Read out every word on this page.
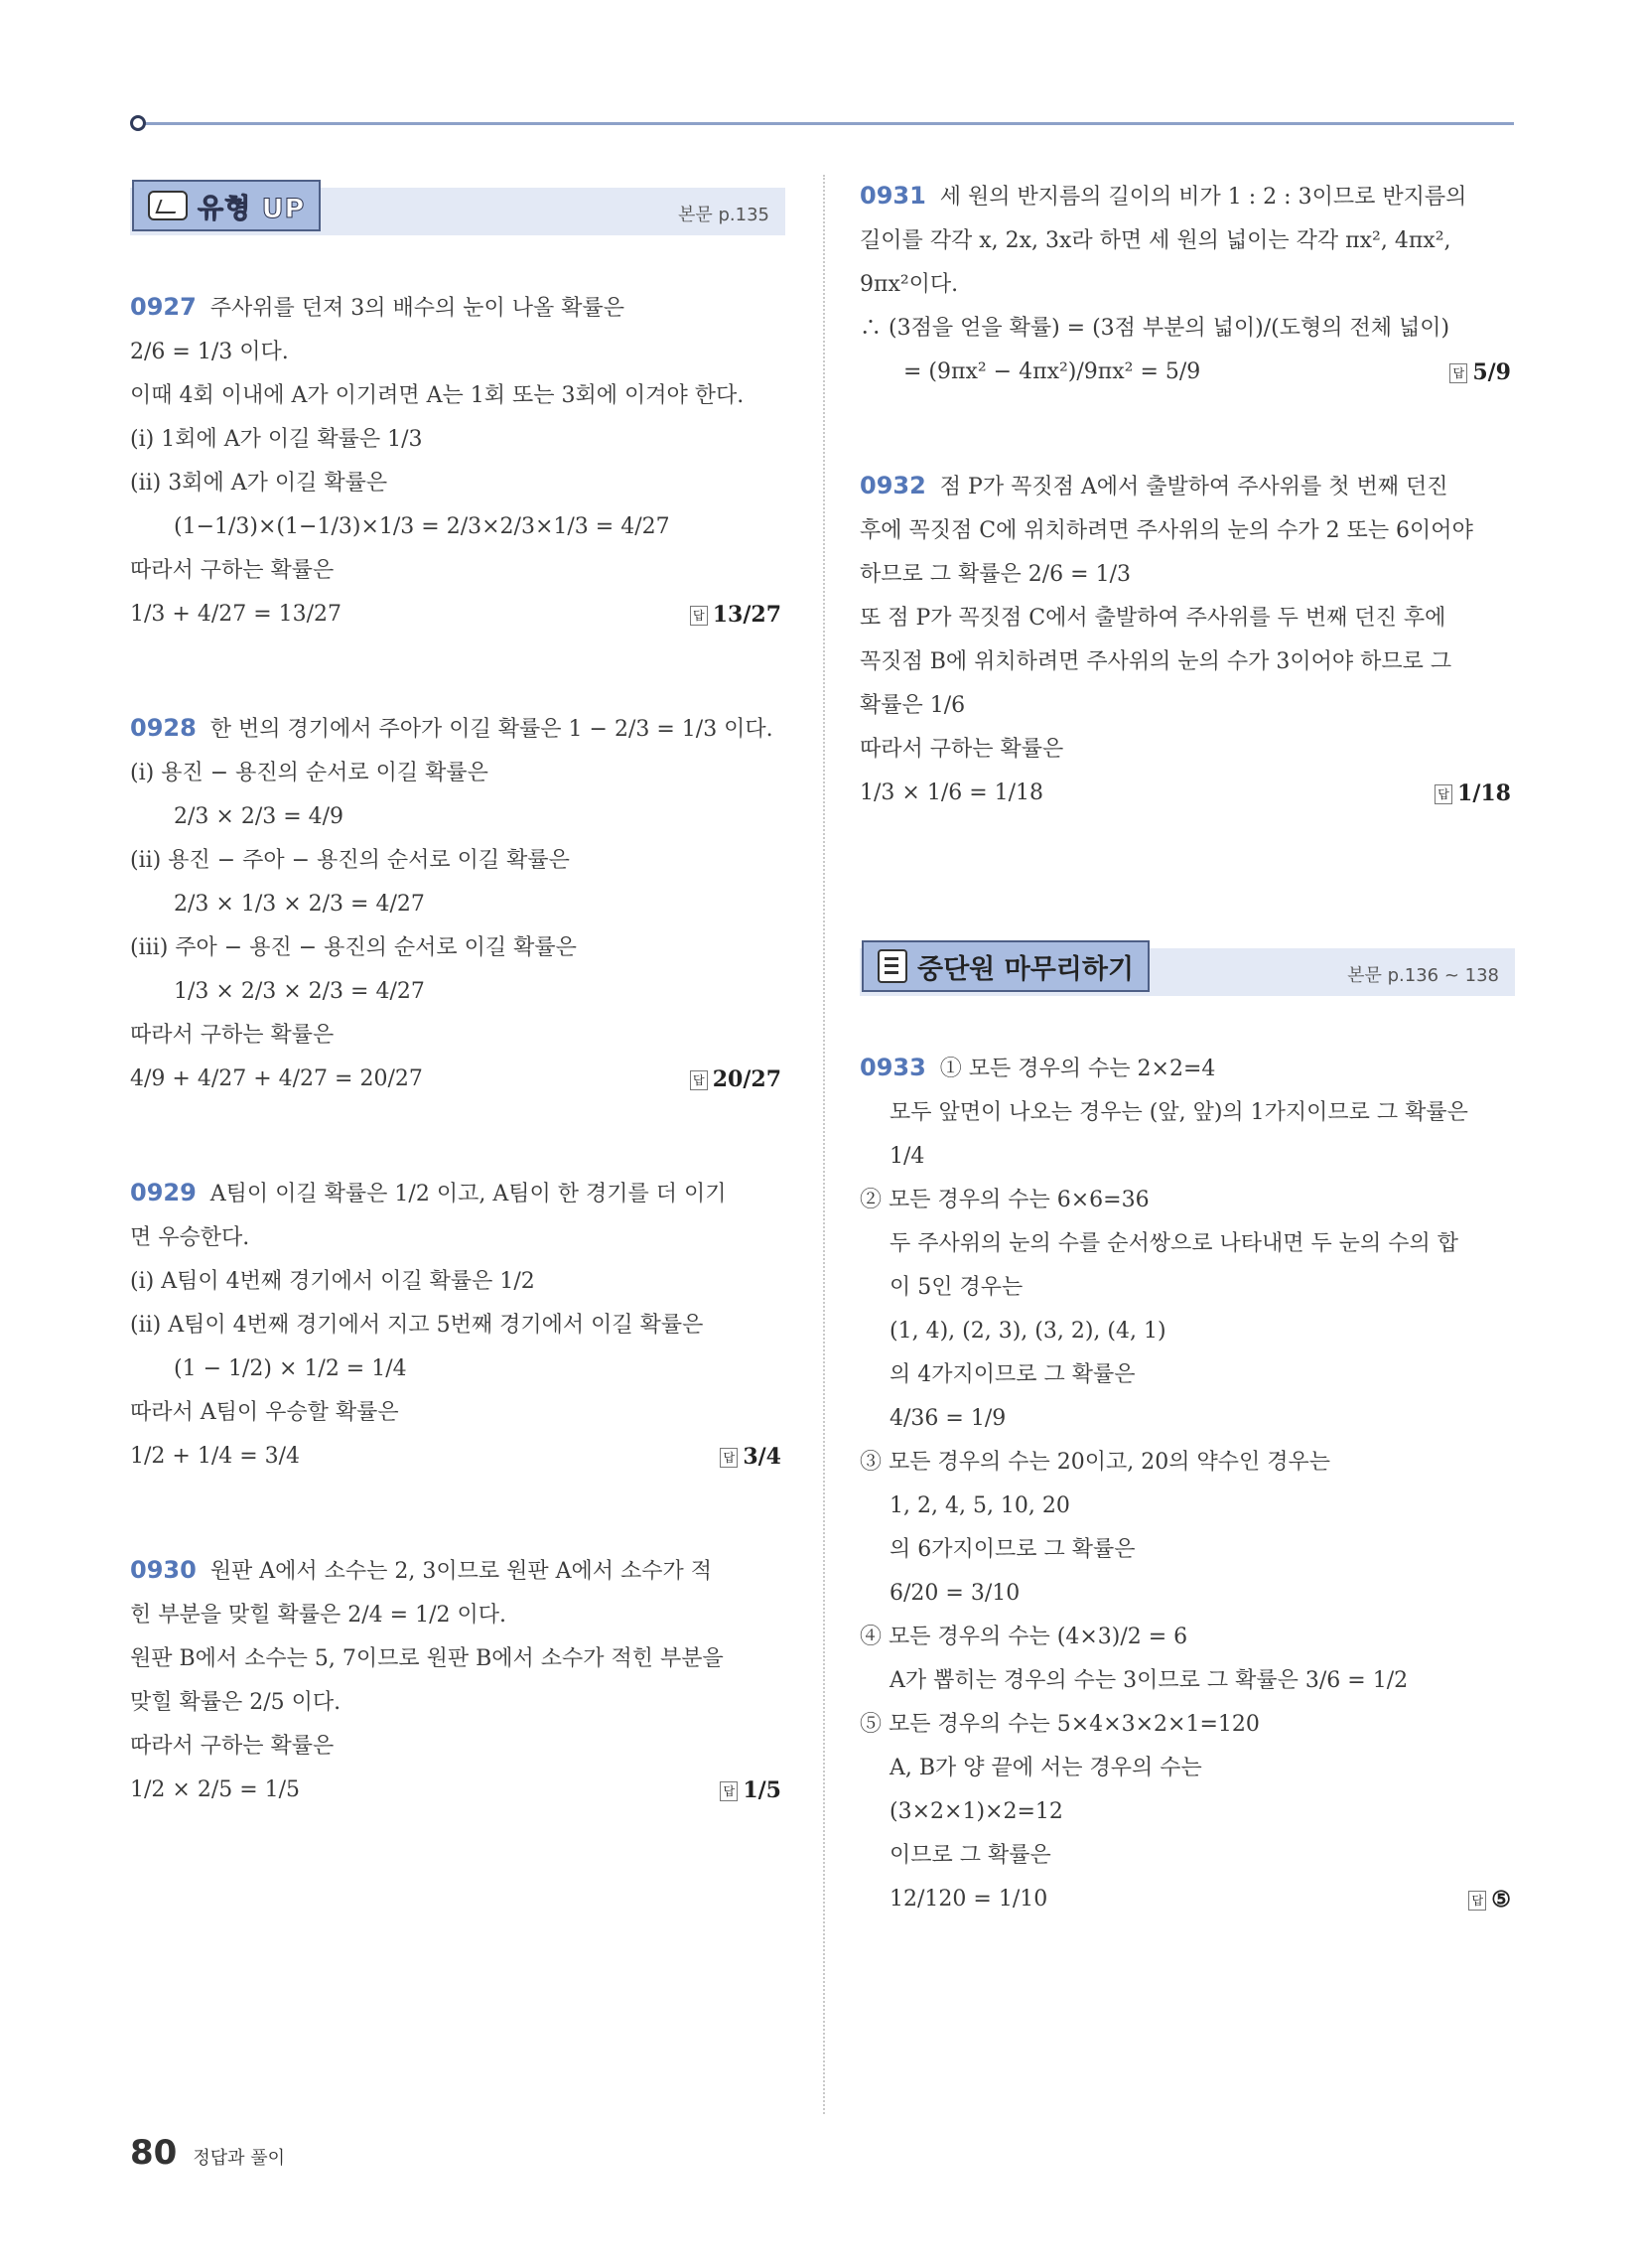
유형 UP	본문 p.135
0927 주사위를 던져 3의 배수의 눈이 나올 확률은
2/6 = 1/3 이다.
이때 4회 이내에 A가 이기려면 A는 1회 또는 3회에 이겨야 한다.
(ⅰ) 1회에 A가 이길 확률은 1/3
(ⅱ) 3회에 A가 이길 확률은
(1−1/3)×(1−1/3)×1/3 = 2/3×2/3×1/3 = 4/27
따라서 구하는 확률은
1/3 + 4/27 = 13/27	답 13/27
0928 한 번의 경기에서 주아가 이길 확률은 1 − 2/3 = 1/3 이다.
(ⅰ) 용진 − 용진의 순서로 이길 확률은
2/3 × 2/3 = 4/9
(ⅱ) 용진 − 주아 − 용진의 순서로 이길 확률은
2/3 × 1/3 × 2/3 = 4/27
(ⅲ) 주아 − 용진 − 용진의 순서로 이길 확률은
1/3 × 2/3 × 2/3 = 4/27
따라서 구하는 확률은
4/9 + 4/27 + 4/27 = 20/27	답 20/27
0929 A팀이 이길 확률은 1/2 이고, A팀이 한 경기를 더 이기
면 우승한다.
(ⅰ) A팀이 4번째 경기에서 이길 확률은 1/2
(ⅱ) A팀이 4번째 경기에서 지고 5번째 경기에서 이길 확률은
(1 − 1/2) × 1/2 = 1/4
따라서 A팀이 우승할 확률은
1/2 + 1/4 = 3/4	답 3/4
0930 원판 A에서 소수는 2, 3이므로 원판 A에서 소수가 적
힌 부분을 맞힐 확률은 2/4 = 1/2 이다.
원판 B에서 소수는 5, 7이므로 원판 B에서 소수가 적힌 부분을
맞힐 확률은 2/5 이다.
따라서 구하는 확률은
1/2 × 2/5 = 1/5	답 1/5
0931 세 원의 반지름의 길이의 비가 1 : 2 : 3이므로 반지름의
길이를 각각 x, 2x, 3x라 하면 세 원의 넓이는 각각 πx², 4πx²,
9πx²이다.
∴ (3점을 얻을 확률) = (3점 부분의 넓이)/(도형의 전체 넓이)
= (9πx² − 4πx²)/9πx² = 5/9	답 5/9
0932 점 P가 꼭짓점 A에서 출발하여 주사위를 첫 번째 던진
후에 꼭짓점 C에 위치하려면 주사위의 눈의 수가 2 또는 6이어야
하므로 그 확률은 2/6 = 1/3
또 점 P가 꼭짓점 C에서 출발하여 주사위를 두 번째 던진 후에
꼭짓점 B에 위치하려면 주사위의 눈의 수가 3이어야 하므로 그
확률은 1/6
따라서 구하는 확률은
1/3 × 1/6 = 1/18	답 1/18
중단원 마무리하기	본문 p.136 ~ 138
0933 ① 모든 경우의 수는 2×2=4
모두 앞면이 나오는 경우는 (앞, 앞)의 1가지이므로 그 확률은
1/4
② 모든 경우의 수는 6×6=36
두 주사위의 눈의 수를 순서쌍으로 나타내면 두 눈의 수의 합
이 5인 경우는
(1, 4), (2, 3), (3, 2), (4, 1)
의 4가지이므로 그 확률은
4/36 = 1/9
③ 모든 경우의 수는 20이고, 20의 약수인 경우는
1, 2, 4, 5, 10, 20
의 6가지이므로 그 확률은
6/20 = 3/10
④ 모든 경우의 수는 (4×3)/2 = 6
A가 뽑히는 경우의 수는 3이므로 그 확률은 3/6 = 1/2
⑤ 모든 경우의 수는 5×4×3×2×1=120
A, B가 양 끝에 서는 경우의 수는
(3×2×1)×2=12
이므로 그 확률은
12/120 = 1/10	답 ⑤
80 정답과 풀이
